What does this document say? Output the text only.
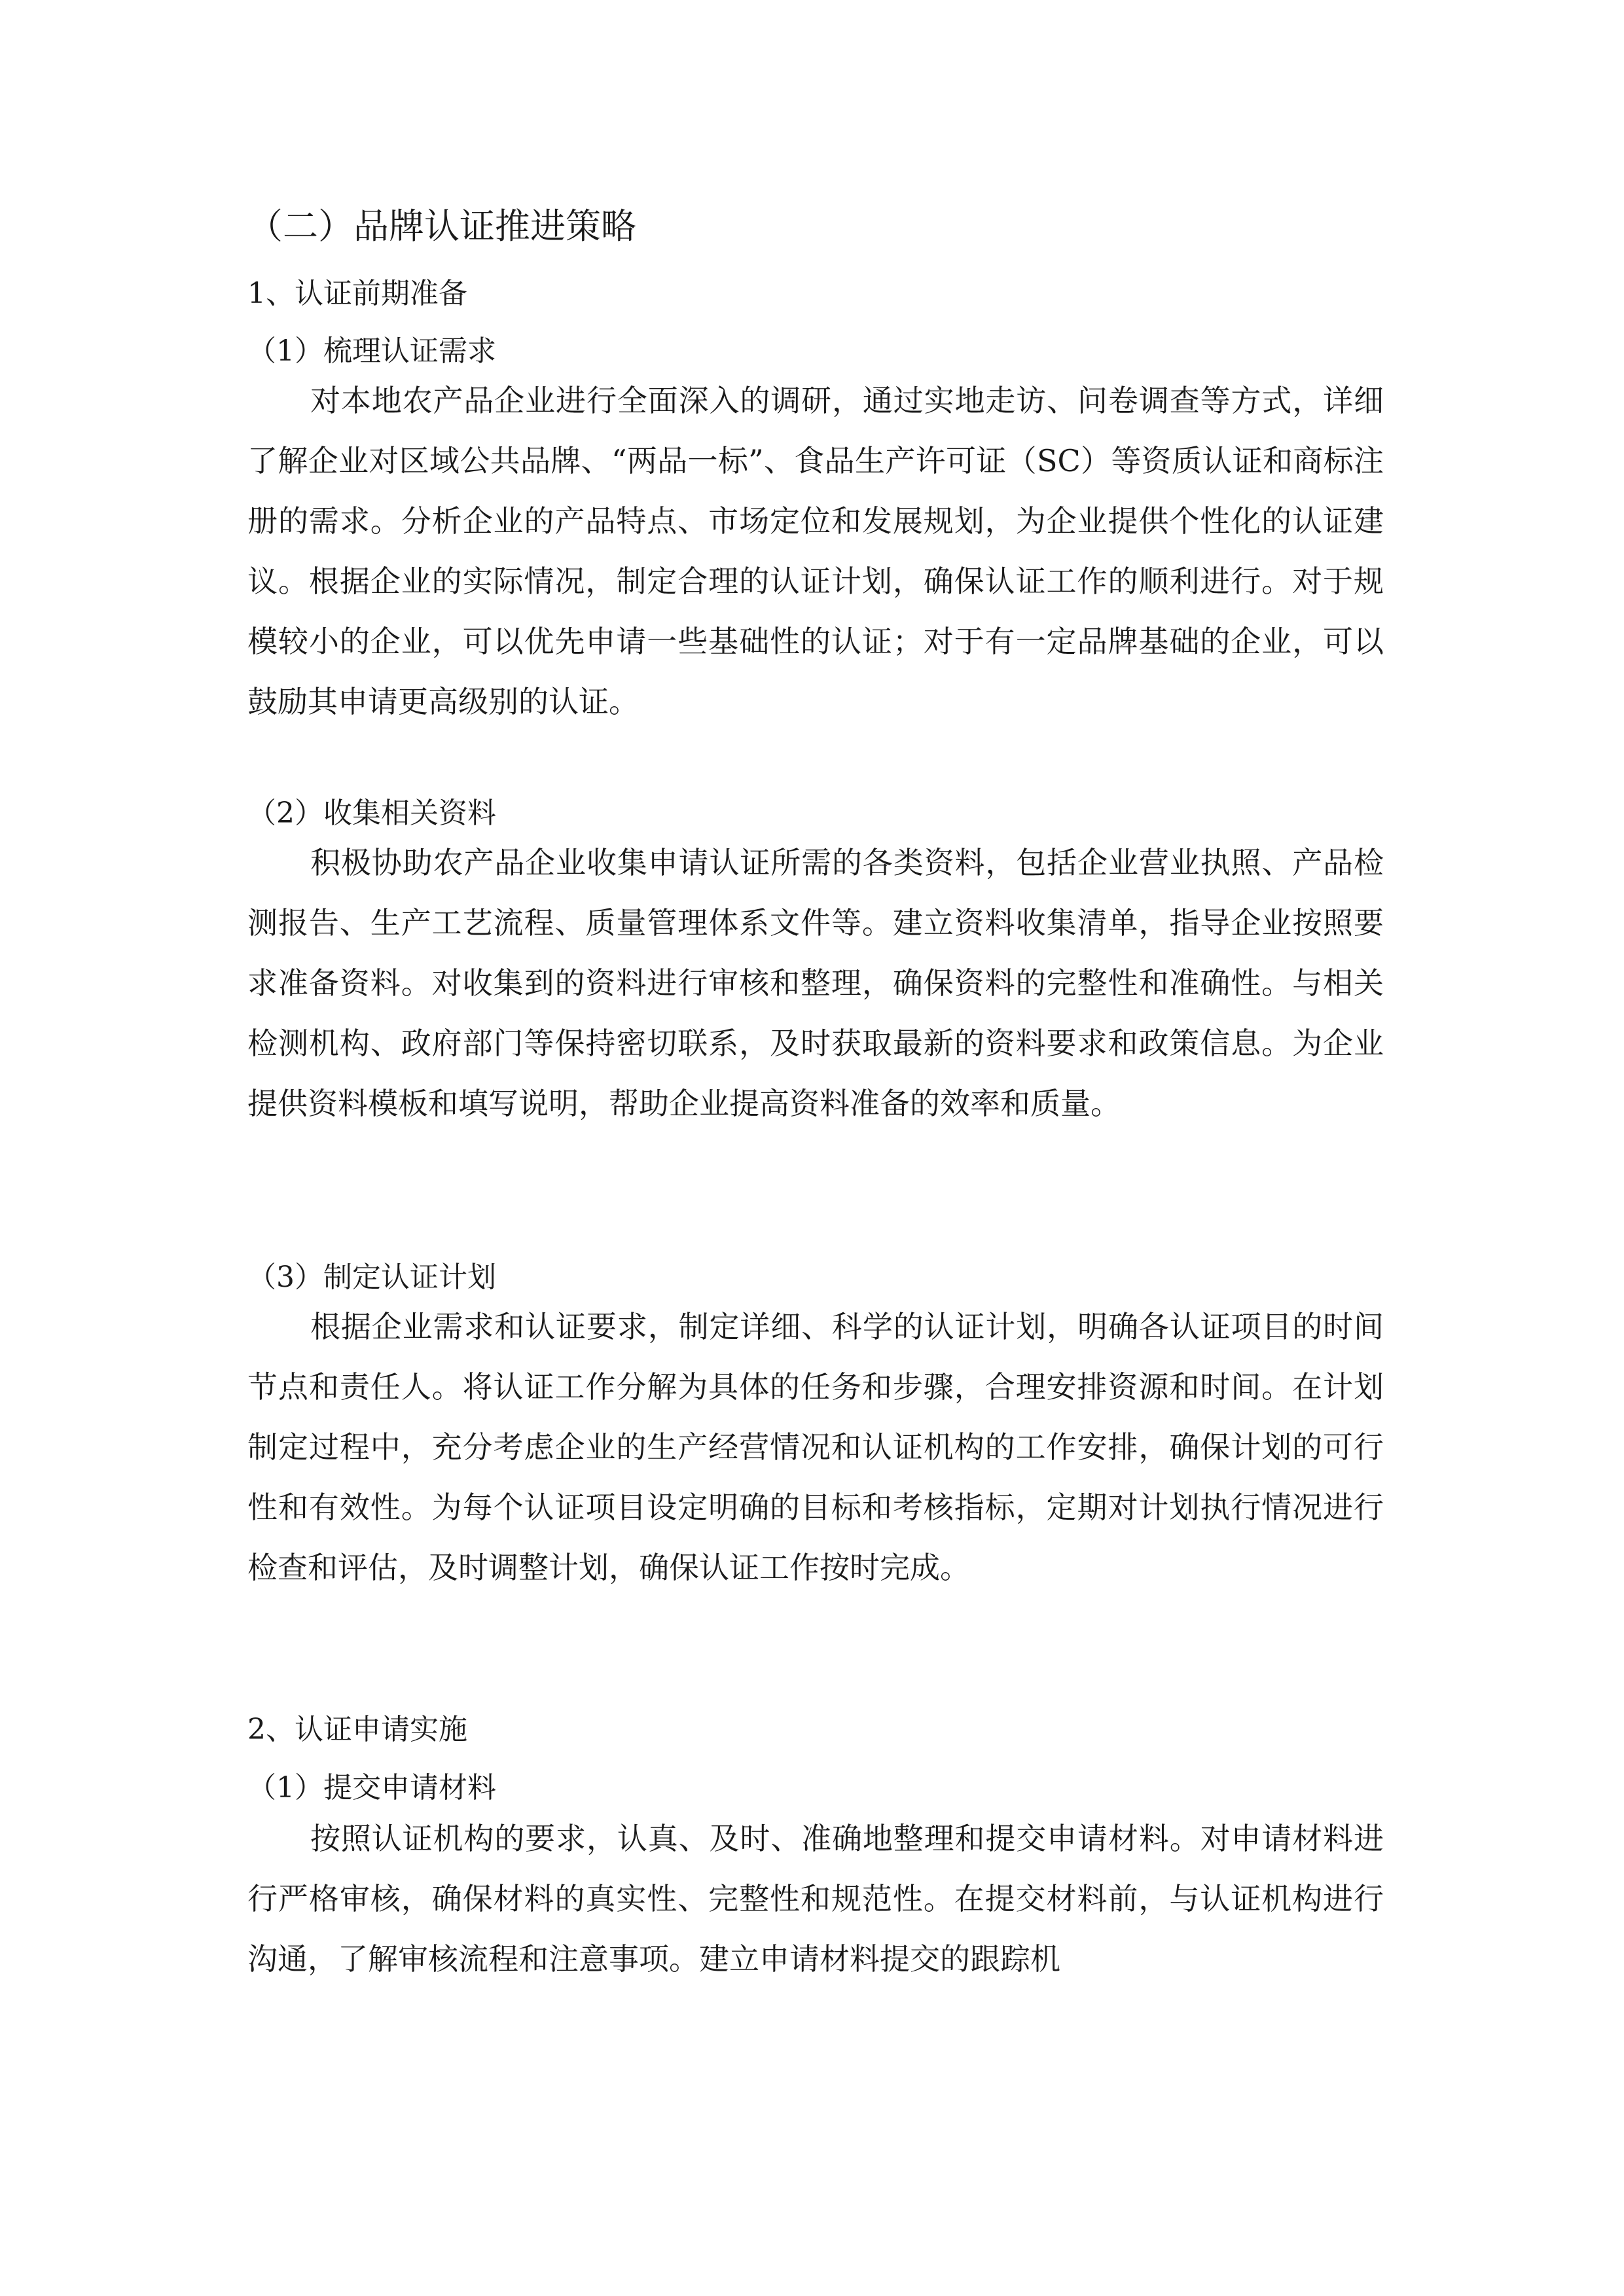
（二）品牌认证推进策略
1、认证前期准备
（1）梳理认证需求

对本地农产品企业进行全面深入的调研，通过实地走访、问卷调查等方式，详细了解企业对区域公共品牌、“两品一标”、食品生产许可证（SC）等资质认证和商标注册的需求。分析企业的产品特点、市场定位和发展规划，为企业提供个性化的认证建议。根据企业的实际情况，制定合理的认证计划，确保认证工作的顺利进行。对于规模较小的企业，可以优先申请一些基础性的认证；对于有一定品牌基础的企业，可以鼓励其申请更高级别的认证。

（2）收集相关资料

积极协助农产品企业收集申请认证所需的各类资料，包括企业营业执照、产品检测报告、生产工艺流程、质量管理体系文件等。建立资料收集清单，指导企业按照要求准备资料。对收集到的资料进行审核和整理，确保资料的完整性和准确性。与相关检测机构、政府部门等保持密切联系，及时获取最新的资料要求和政策信息。为企业提供资料模板和填写说明，帮助企业提高资料准备的效率和质量。

（3）制定认证计划

根据企业需求和认证要求，制定详细、科学的认证计划，明确各认证项目的时间节点和责任人。将认证工作分解为具体的任务和步骤，合理安排资源和时间。在计划制定过程中，充分考虑企业的生产经营情况和认证机构的工作安排，确保计划的可行性和有效性。为每个认证项目设定明确的目标和考核指标，定期对计划执行情况进行检查和评估，及时调整计划，确保认证工作按时完成。

2、认证申请实施
（1）提交申请材料

按照认证机构的要求，认真、及时、准确地整理和提交申请材料。对申请材料进行严格审核，确保材料的真实性、完整性和规范性。在提交材料前，与认证机构进行沟通，了解审核流程和注意事项。建立申请材料提交的跟踪机
